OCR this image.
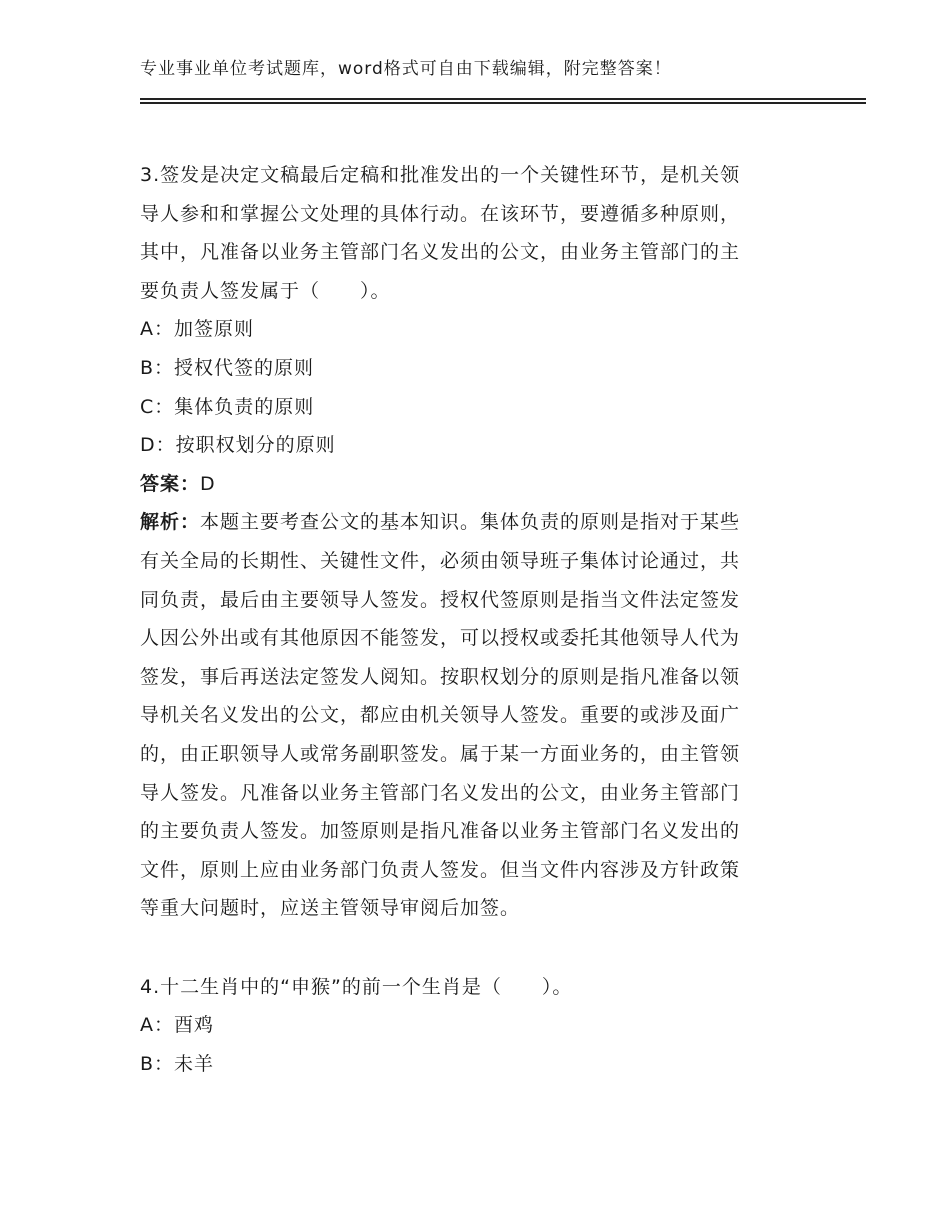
专业事业单位考试题库，word格式可自由下载编辑，附完整答案！
3.签发是决定文稿最后定稿和批准发出的一个关键性环节，是机关领
导人参和和掌握公文处理的具体行动。在该环节，要遵循多种原则，
其中，凡准备以业务主管部门名义发出的公文，由业务主管部门的主
要负责人签发属于（　　）。
A：加签原则
B：授权代签的原则
C：集体负责的原则
D：按职权划分的原则
答案：D
解析：本题主要考查公文的基本知识。集体负责的原则是指对于某些
有关全局的长期性、关键性文件，必须由领导班子集体讨论通过，共
同负责，最后由主要领导人签发。授权代签原则是指当文件法定签发
人因公外出或有其他原因不能签发，可以授权或委托其他领导人代为
签发，事后再送法定签发人阅知。按职权划分的原则是指凡准备以领
导机关名义发出的公文，都应由机关领导人签发。重要的或涉及面广
的，由正职领导人或常务副职签发。属于某一方面业务的，由主管领
导人签发。凡准备以业务主管部门名义发出的公文，由业务主管部门
的主要负责人签发。加签原则是指凡准备以业务主管部门名义发出的
文件，原则上应由业务部门负责人签发。但当文件内容涉及方针政策
等重大问题时，应送主管领导审阅后加签。
4.十二生肖中的“申猴”的前一个生肖是（　　）。
A：酉鸡
B：未羊
